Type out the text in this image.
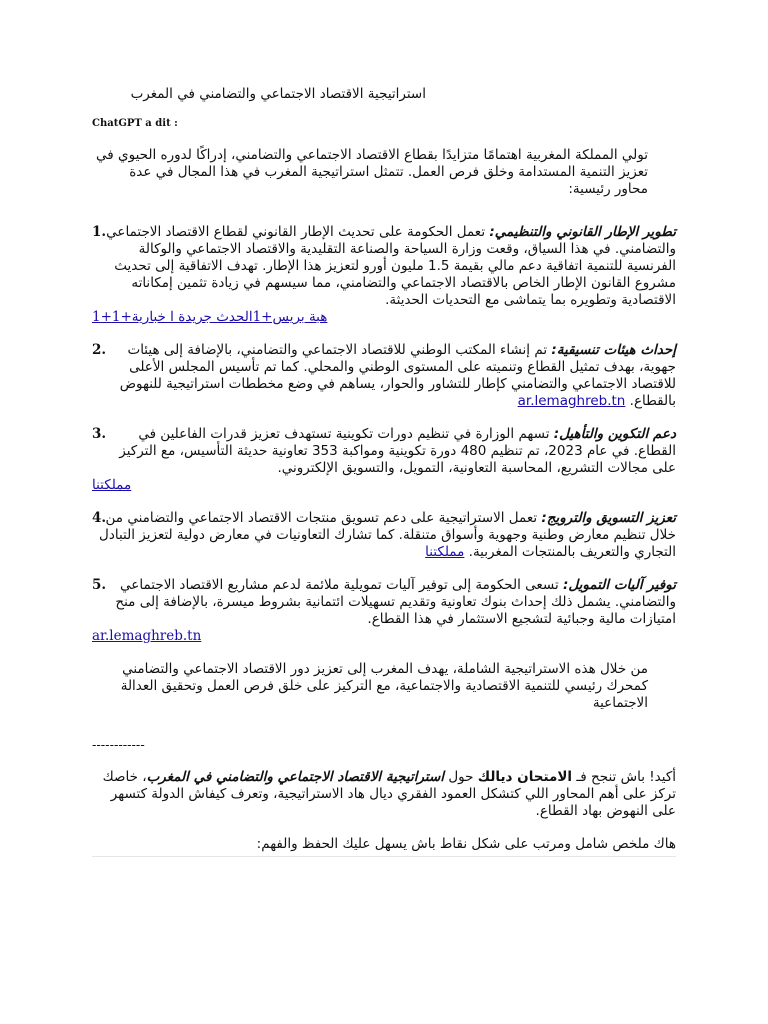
استراتيجية الاقتصاد الاجتماعي والتضامني في المغرب

ChatGPT a dit :

تولي المملكة المغربية اهتمامًا متزايدًا بقطاع الاقتصاد الاجتماعي والتضامني، إدراكًا لدوره الحيوي في تعزيز التنمية المستدامة وخلق فرص العمل. تتمثل استراتيجية المغرب في هذا المجال في عدة محاور رئيسية:

1.	تطوير الإطار القانوني والتنظيمي: تعمل الحكومة على تحديث الإطار القانوني لقطاع الاقتصاد الاجتماعي والتضامني. في هذا السياق، وقعت وزارة السياحة والصناعة التقليدية والاقتصاد الاجتماعي والوكالة الفرنسية للتنمية اتفاقية دعم مالي بقيمة 1.5 مليون أورو لتعزيز هذا الإطار. تهدف الاتفاقية إلى تحديث مشروع القانون الإطار الخاص بالاقتصاد الاجتماعي والتضامني، مما سيسهم في زيادة تثمين إمكاناته الاقتصادية وتطويره بما يتماشى مع التحديات الحديثة.
هبة بريس+1الحدث جريدة ا خبارية+1+1
2.	إحداث هيئات تنسيقية: تم إنشاء المكتب الوطني للاقتصاد الاجتماعي والتضامني، بالإضافة إلى هيئات جهوية، بهدف تمثيل القطاع وتنميته على المستوى الوطني والمحلي. كما تم تأسيس المجلس الأعلى للاقتصاد الاجتماعي والتضامني كإطار للتشاور والحوار، يساهم في وضع مخططات استراتيجية للنهوض بالقطاع. ar.lemaghreb.tn
3.	دعم التكوين والتأهيل: تسهم الوزارة في تنظيم دورات تكوينية تستهدف تعزيز قدرات الفاعلين في القطاع. في عام 2023، تم تنظيم 480 دورة تكوينية ومواكبة 353 تعاونية حديثة التأسيس، مع التركيز على مجالات التشريع، المحاسبة التعاونية، التمويل، والتسويق الإلكتروني.
مملكتنا
4.	تعزيز التسويق والترويج: تعمل الاستراتيجية على دعم تسويق منتجات الاقتصاد الاجتماعي والتضامني من خلال تنظيم معارض وطنية وجهوية وأسواق متنقلة. كما تشارك التعاونيات في معارض دولية لتعزيز التبادل التجاري والتعريف بالمنتجات المغربية. مملكتنا
5.	توفير آليات التمويل: تسعى الحكومة إلى توفير آليات تمويلية ملائمة لدعم مشاريع الاقتصاد الاجتماعي والتضامني. يشمل ذلك إحداث بنوك تعاونية وتقديم تسهيلات ائتمانية بشروط ميسرة، بالإضافة إلى منح امتيازات مالية وجبائية لتشجيع الاستثمار في هذا القطاع.
ar.lemaghreb.tn

من خلال هذه الاستراتيجية الشاملة، يهدف المغرب إلى تعزيز دور الاقتصاد الاجتماعي والتضامني كمحرك رئيسي للتنمية الاقتصادية والاجتماعية، مع التركيز على خلق فرص العمل وتحقيق العدالة الاجتماعية

------------

أكيد! باش تنجح فـ الامتحان ديالك حول استراتيجية الاقتصاد الاجتماعي والتضامني في المغرب، خاصك تركز على أهم المحاور اللي كتشكل العمود الفقري ديال هاد الاستراتيجية، وتعرف كيفاش الدولة كتسهر على النهوض بهاد القطاع.

هاك ملخص شامل ومرتب على شكل نقاط باش يسهل عليك الحفظ والفهم:
